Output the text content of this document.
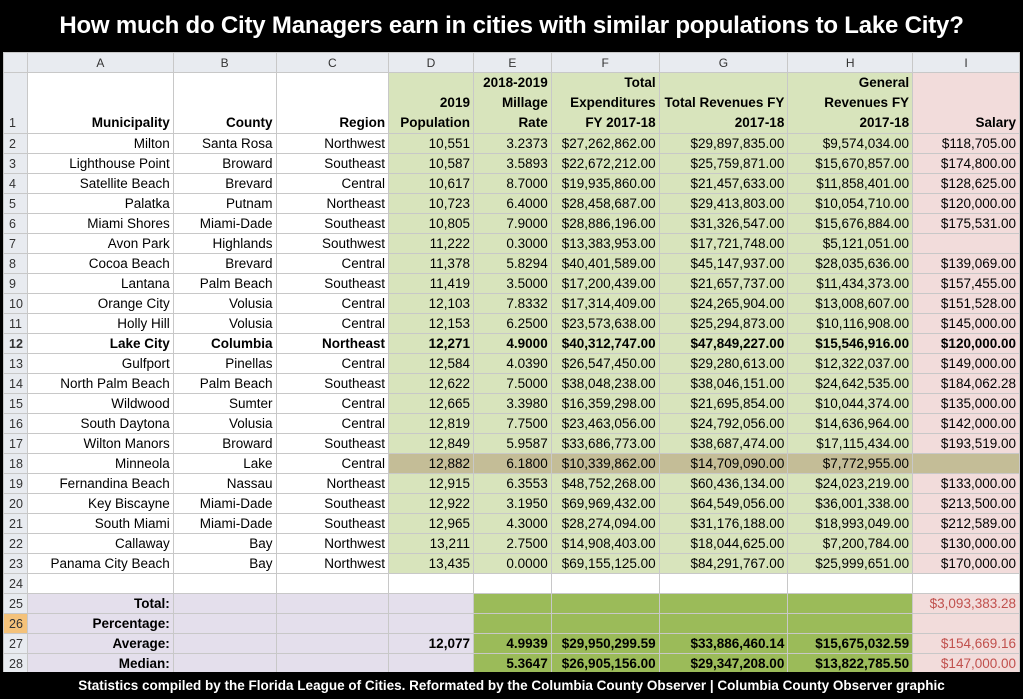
How much do City Managers earn in cities with similar populations to Lake City?
	A	B	C	D	E	F	G	H	I
1	Municipality	County	Region	2019 Population	2018-2019 Millage Rate	Total Expenditures FY 2017-18	Total Revenues FY 2017-18	General Revenues FY 2017-18	Salary
2	Milton	Santa Rosa	Northwest	10,551	3.2373	$27,262,862.00	$29,897,835.00	$9,574,034.00	$118,705.00
3	Lighthouse Point	Broward	Southeast	10,587	3.5893	$22,672,212.00	$25,759,871.00	$15,670,857.00	$174,800.00
4	Satellite Beach	Brevard	Central	10,617	8.7000	$19,935,860.00	$21,457,633.00	$11,858,401.00	$128,625.00
5	Palatka	Putnam	Northeast	10,723	6.4000	$28,458,687.00	$29,413,803.00	$10,054,710.00	$120,000.00
6	Miami Shores	Miami-Dade	Southeast	10,805	7.9000	$28,886,196.00	$31,326,547.00	$15,676,884.00	$175,531.00
7	Avon Park	Highlands	Southwest	11,222	0.3000	$13,383,953.00	$17,721,748.00	$5,121,051.00	
8	Cocoa Beach	Brevard	Central	11,378	5.8294	$40,401,589.00	$45,147,937.00	$28,035,636.00	$139,069.00
9	Lantana	Palm Beach	Southeast	11,419	3.5000	$17,200,439.00	$21,657,737.00	$11,434,373.00	$157,455.00
10	Orange City	Volusia	Central	12,103	7.8332	$17,314,409.00	$24,265,904.00	$13,008,607.00	$151,528.00
11	Holly Hill	Volusia	Central	12,153	6.2500	$23,573,638.00	$25,294,873.00	$10,116,908.00	$145,000.00
12	Lake City	Columbia	Northeast	12,271	4.9000	$40,312,747.00	$47,849,227.00	$15,546,916.00	$120,000.00
13	Gulfport	Pinellas	Central	12,584	4.0390	$26,547,450.00	$29,280,613.00	$12,322,037.00	$149,000.00
14	North Palm Beach	Palm Beach	Southeast	12,622	7.5000	$38,048,238.00	$38,046,151.00	$24,642,535.00	$184,062.28
15	Wildwood	Sumter	Central	12,665	3.3980	$16,359,298.00	$21,695,854.00	$10,044,374.00	$135,000.00
16	South Daytona	Volusia	Central	12,819	7.7500	$23,463,056.00	$24,792,056.00	$14,636,964.00	$142,000.00
17	Wilton Manors	Broward	Southeast	12,849	5.9587	$33,686,773.00	$38,687,474.00	$17,115,434.00	$193,519.00
18	Minneola	Lake	Central	12,882	6.1800	$10,339,862.00	$14,709,090.00	$7,772,955.00	
19	Fernandina Beach	Nassau	Northeast	12,915	6.3553	$48,752,268.00	$60,436,134.00	$24,023,219.00	$133,000.00
20	Key Biscayne	Miami-Dade	Southeast	12,922	3.1950	$69,969,432.00	$64,549,056.00	$36,001,338.00	$213,500.00
21	South Miami	Miami-Dade	Southeast	12,965	4.3000	$28,274,094.00	$31,176,188.00	$18,993,049.00	$212,589.00
22	Callaway	Bay	Northwest	13,211	2.7500	$14,908,403.00	$18,044,625.00	$7,200,784.00	$130,000.00
23	Panama City Beach	Bay	Northwest	13,435	0.0000	$69,155,125.00	$84,291,767.00	$25,999,651.00	$170,000.00
24									
25	Total:								$3,093,383.28
26	Percentage:								
27	Average:			12,077	4.9939	$29,950,299.59	$33,886,460.14	$15,675,032.59	$154,669.16
28	Median:				5.3647	$26,905,156.00	$29,347,208.00	$13,822,785.50	$147,000.00
Statistics compiled by the Florida League of Cities. Reformated by the Columbia County Observer | Columbia County Observer graphic
